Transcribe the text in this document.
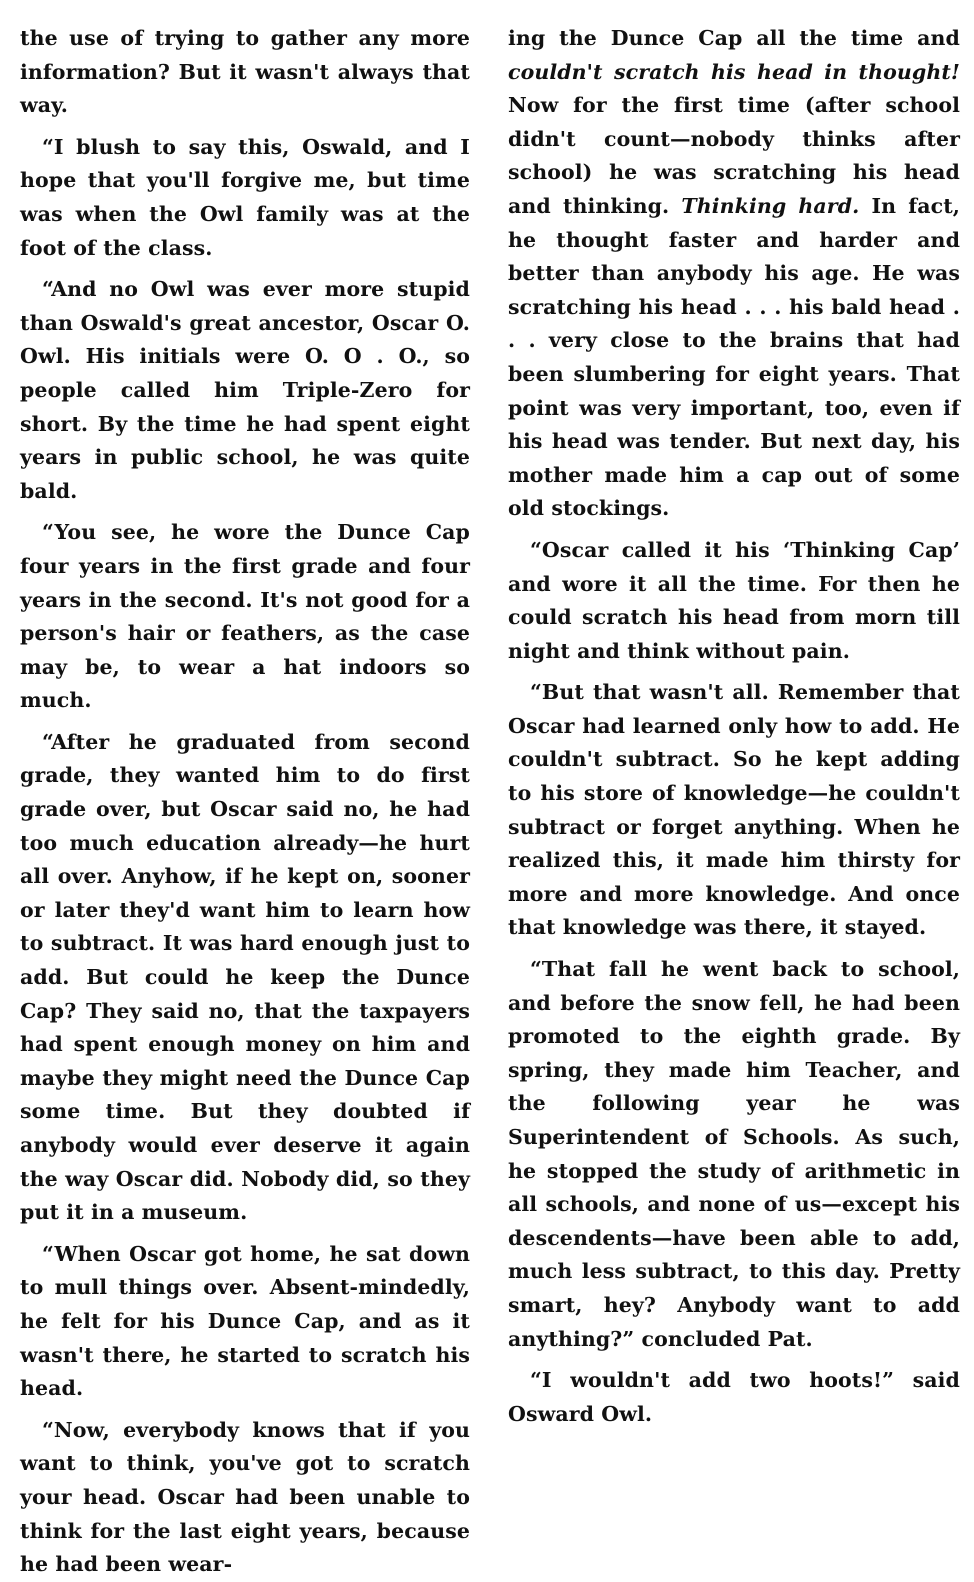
the use of trying to gather any more information? But it wasn't always that way.

“I blush to say this, Oswald, and I hope that you'll forgive me, but time was when the Owl family was at the foot of the class.

“And no Owl was ever more stupid than Oswald's great ancestor, Oscar O. Owl. His initials were O. O . O., so people called him Triple-Zero for short. By the time he had spent eight years in public school, he was quite bald.

“You see, he wore the Dunce Cap four years in the first grade and four years in the second. It's not good for a person's hair or feathers, as the case may be, to wear a hat indoors so much.

“After he graduated from second grade, they wanted him to do first grade over, but Oscar said no, he had too much education already—he hurt all over. Anyhow, if he kept on, sooner or later they'd want him to learn how to subtract. It was hard enough just to add. But could he keep the Dunce Cap? They said no, that the taxpayers had spent enough money on him and maybe they might need the Dunce Cap some time. But they doubted if anybody would ever deserve it again the way Oscar did. Nobody did, so they put it in a museum.

“When Oscar got home, he sat down to mull things over. Absent-mindedly, he felt for his Dunce Cap, and as it wasn't there, he started to scratch his head.

“Now, everybody knows that if you want to think, you've got to scratch your head. Oscar had been unable to think for the last eight years, because he had been wear-

ing the Dunce Cap all the time and couldn't scratch his head in thought! Now for the first time (after school didn't count—nobody thinks after school) he was scratching his head and thinking. Thinking hard. In fact, he thought faster and harder and better than anybody his age. He was scratching his head . . . his bald head . . . very close to the brains that had been slumbering for eight years. That point was very important, too, even if his head was tender. But next day, his mother made him a cap out of some old stockings.

“Oscar called it his ‘Thinking Cap’ and wore it all the time. For then he could scratch his head from morn till night and think without pain.

“But that wasn't all. Remember that Oscar had learned only how to add. He couldn't subtract. So he kept adding to his store of knowledge—he couldn't subtract or forget anything. When he realized this, it made him thirsty for more and more knowledge. And once that knowledge was there, it stayed.

“That fall he went back to school, and before the snow fell, he had been promoted to the eighth grade. By spring, they made him Teacher, and the following year he was Superintendent of Schools. As such, he stopped the study of arithmetic in all schools, and none of us—except his descendents—have been able to add, much less subtract, to this day. Pretty smart, hey? Anybody want to add anything?” concluded Pat.

“I wouldn't add two hoots!” said Osward Owl.
